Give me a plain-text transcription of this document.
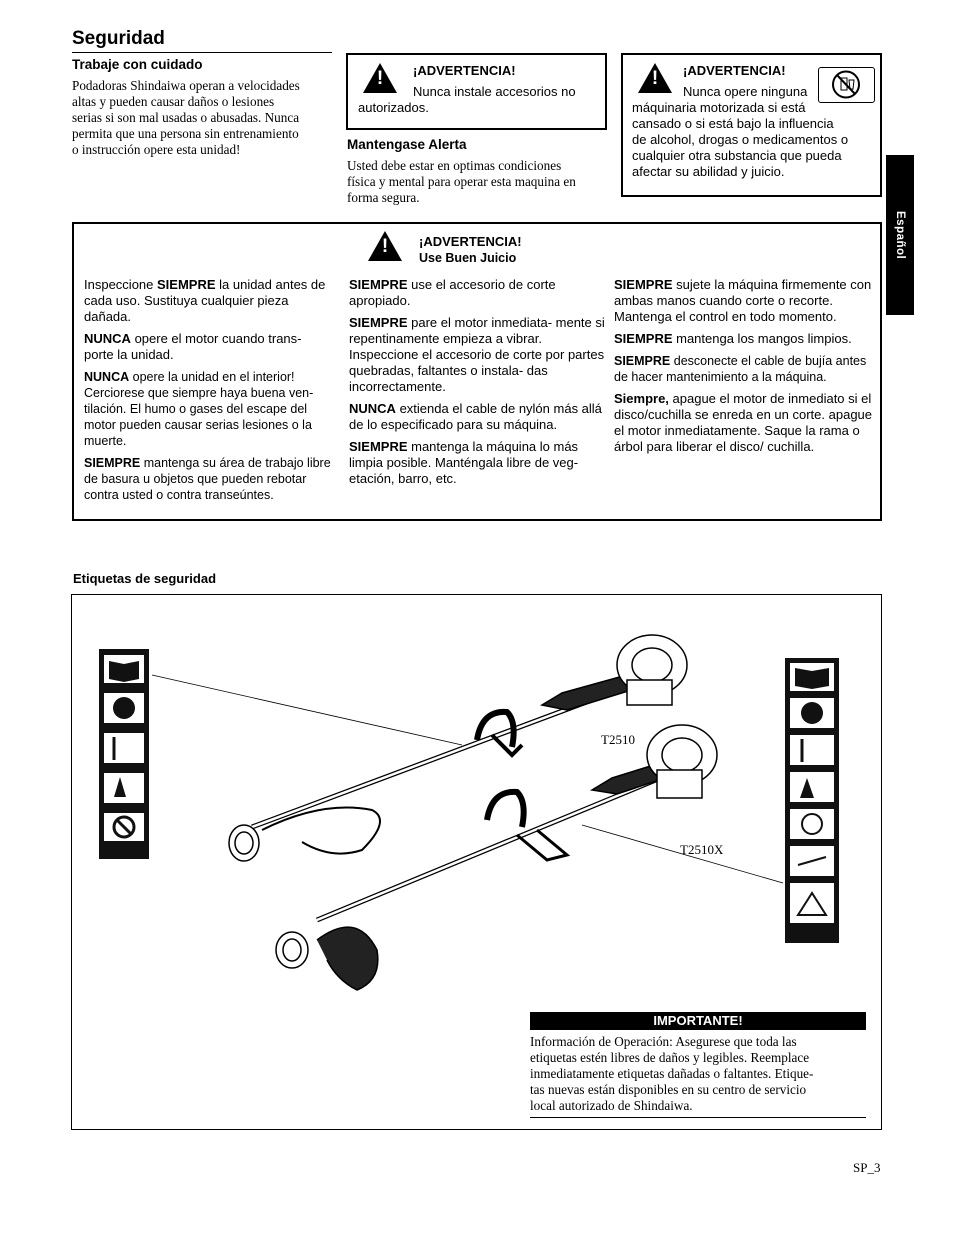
Seguridad
Trabaje con cuidado
Podadoras Shindaiwa operan a velocidades
altas y pueden causar daños o lesiones
serias si son mal usadas o abusadas. Nunca
permita que una persona sin entrenamiento
o instrucción opere esta unidad!
!	¡ADVERTENCIA!
Nunca instale accesorios no
autorizados.
Mantengase Alerta
Usted debe estar en optimas condiciones
física y mental para operar esta maquina en
forma segura.
!	¡ADVERTENCIA!
Nunca opere ninguna
máquinaria motorizada si está
cansado o si está bajo la influencia
de alcohol, drogas o medicamentos o
cualquier otra substancia que pueda
afectar su abilidad y juicio.
Español
!	¡ADVERTENCIA!
Use Buen Juicio

Inspeccione SIEMPRE la unidad antes de cada uso. Sustituya cualquier pieza dañada.

NUNCA opere el motor cuando trans- porte la unidad.

NUNCA opere la unidad en el interior! Cerciorese que siempre haya buena ven- tilación. El humo o gases del escape del motor pueden causar serias lesiones o la muerte.

SIEMPRE mantenga su área de trabajo libre de basura u objetos que pueden rebotar contra usted o contra transeúntes.

SIEMPRE use el accesorio de corte apropiado.

SIEMPRE pare el motor inmediata- mente si repentinamente empieza a vibrar. Inspeccione el accesorio de corte por partes quebradas, faltantes o instala- das incorrectamente.

NUNCA extienda el cable de nylón más allá de lo especificado para su máquina.

SIEMPRE mantenga la máquina lo más limpia posible. Manténgala libre de veg- etación, barro, etc.

SIEMPRE sujete la máquina firmemente con ambas manos cuando corte o recorte. Mantenga el control en todo momento.

SIEMPRE mantenga los mangos limpios.

SIEMPRE desconecte el cable de bujía antes de hacer mantenimiento a la máquina.

Siempre, apague el motor de inmediato si el disco/cuchilla se enreda en un corte. apague el motor inmediatamente. Saque la rama o árbol para liberar el disco/ cuchilla.

Etiquetas de seguridad
T2510
T2510X
IMPORTANTE!
Información de Operación: Asegurese que toda las
etiquetas estén libres de daños y legibles. Reemplace
inmediatamente etiquetas dañadas o faltantes. Etique-
tas nuevas están disponibles en su centro de servicio
local autorizado de Shindaiwa.
SP_3
